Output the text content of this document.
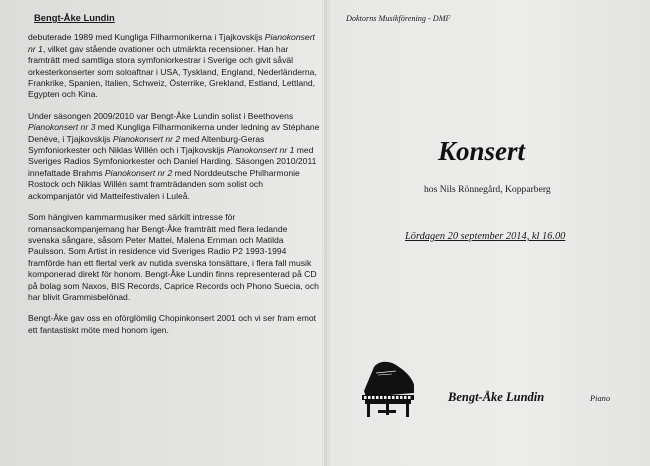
Bengt-Åke Lundin

debuterade 1989 med Kungliga Filharmonikerna i Tjajkovskijs Pianokonsert nr 1, vilket gav stående ovationer och utmärkta recensioner. Han har framträtt med samtliga stora symfoniorkestrar i Sverige och givit såväl orkesterkonserter som soloaftnar i USA, Tyskland, England, Nederländerna, Frankrike, Spanien, Italien, Schweiz, Österrike, Grekland, Estland, Lettland, Egypten och Kina.

Under säsongen 2009/2010 var Bengt-Åke Lundin solist i Beethovens Pianokonsert nr 3 med Kungliga Filharmonikerna under ledning av Stéphane Denève, i Tjajkovskijs Pianokonsert nr 2 med Altenburg-Geras Symfoniorkester och Niklas Willén och i Tjajkovskijs Pianokonsert nr 1 med Sveriges Radios Symfoniorkester och Daniel Harding. Säsongen 2010/2011 innefattade Brahms Pianokonsert nr 2 med Norddeutsche Philharmonie Rostock och Niklas Willén samt framträdanden som solist och ackompanjatör vid Matteifestivalen i Luleå.

Som hängiven kammarmusiker med särkilt intresse för romansackompanjemang har Bengt-Åke framträtt med flera ledande svenska sångare, såsom Peter Mattei, Malena Ernman och Matilda Paulsson. Som Artist in residence vid Sveriges Radio P2 1993-1994 framförde han ett flertal verk av nutida svenska tonsättare, i flera fall musik komponerad direkt för honom. Bengt-Åke Lundin finns representerad på CD på bolag som Naxos, BIS Records, Caprice Records och Phono Suecia, och har blivit Grammisbelönad.

Bengt-Åke gav oss en oförglömlig Chopinkonsert 2001 och vi ser fram emot ett fantastiskt möte med honom igen.

Doktorns Musikförening - DMF
Konsert
hos Nils Rönnegård, Kopparberg
Lördagen 20 september 2014, kl 16.00
Bengt-Åke Lundin	Piano
